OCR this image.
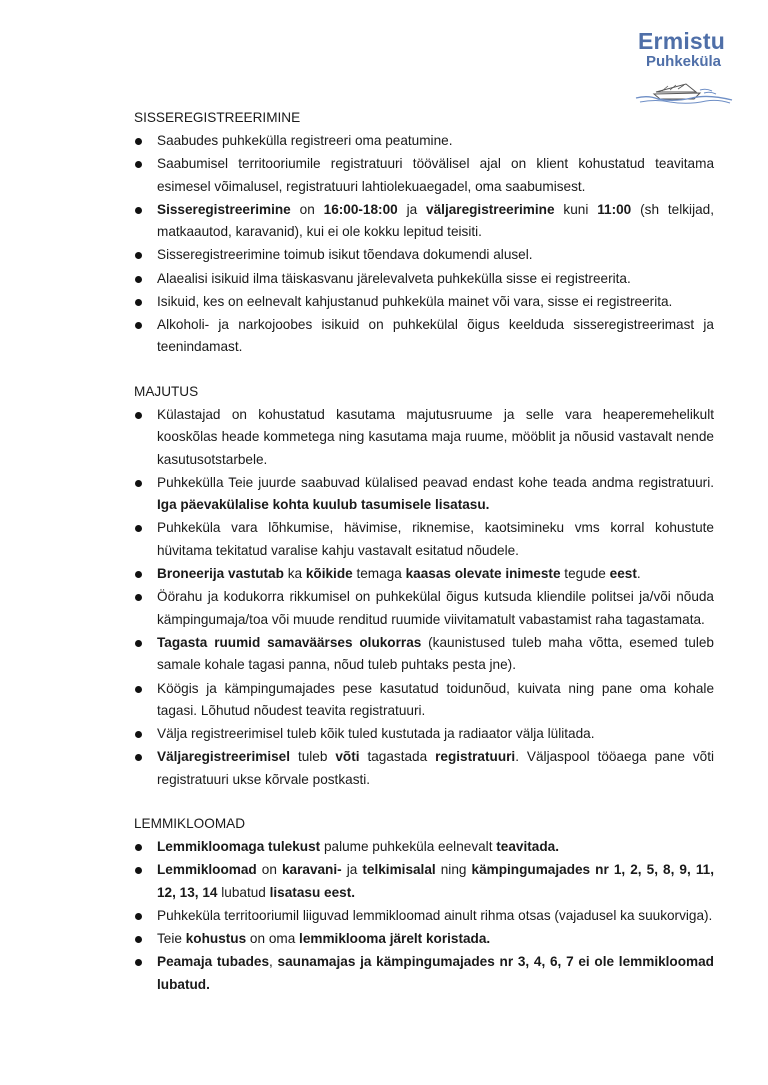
Ermistu
Puhkeküla
SISSEREGISTREERIMINE
Saabudes puhkekülla registreeri oma peatumine.
Saabumisel territooriumile registratuuri töövälisel ajal on klient kohustatud teavitama esimesel võimalusel, registratuuri lahtiolekuaegadel, oma saabumisest.
Sisseregistreerimine on 16:00-18:00 ja väljaregistreerimine kuni 11:00 (sh telkijad, matkaautod, karavanid), kui ei ole kokku lepitud teisiti.
Sisseregistreerimine toimub isikut tõendava dokumendi alusel.
Alaealisi isikuid ilma täiskasvanu järelevalveta puhkekülla sisse ei registreerita.
Isikuid, kes on eelnevalt kahjustanud puhkeküla mainet või vara, sisse ei registreerita.
Alkoholi- ja narkojoobes isikuid on puhkekülal õigus keelduda sisseregistreerimast ja teenindamast.
MAJUTUS
Külastajad on kohustatud kasutama majutusruume ja selle vara heaperemehelikult kooskõlas heade kommetega ning kasutama maja ruume, mööblit ja nõusid vastavalt nende kasutusotstarbele.
Puhkekülla Teie juurde saabuvad külalised peavad endast kohe teada andma registratuuri. Iga päevakülalise kohta kuulub tasumisele lisatasu.
Puhkeküla vara lõhkumise, hävimise, riknemise, kaotsimineku vms korral kohustute hüvitama tekitatud varalise kahju vastavalt esitatud nõudele.
Broneerija vastutab ka kõikide temaga kaasas olevate inimeste tegude eest.
Öörahu ja kodukorra rikkumisel on puhkekülal õigus kutsuda kliendile politsei ja/või nõuda kämpingumaja/toa või muude renditud ruumide viivitamatult vabastamist raha tagastamata.
Tagasta ruumid samaväärses olukorras (kaunistused tuleb maha võtta, esemed tuleb samale kohale tagasi panna, nõud tuleb puhtaks pesta jne).
Köögis ja kämpingumajades pese kasutatud toidunõud, kuivata ning pane oma kohale tagasi. Lõhutud nõudest teavita registratuuri.
Välja registreerimisel tuleb kõik tuled kustutada ja radiaator välja lülitada.
Väljaregistreerimisel tuleb võti tagastada registratuuri. Väljaspool tööaega pane võti registratuuri ukse kõrvale postkasti.
LEMMIKLOOMAD
Lemmikloomaga tulekust palume puhkeküla eelnevalt teavitada.
Lemmikloomad on karavani- ja telkimisalal ning kämpingumajades nr 1, 2, 5, 8, 9, 11, 12, 13, 14 lubatud lisatasu eest.
Puhkeküla territooriumil liiguvad lemmikloomad ainult rihma otsas (vajadusel ka suukorviga).
Teie kohustus on oma lemmiklooma järelt koristada.
Peamaja tubades, saunamajas ja kämpingumajades nr 3, 4, 6, 7 ei ole lemmikloomad lubatud.
